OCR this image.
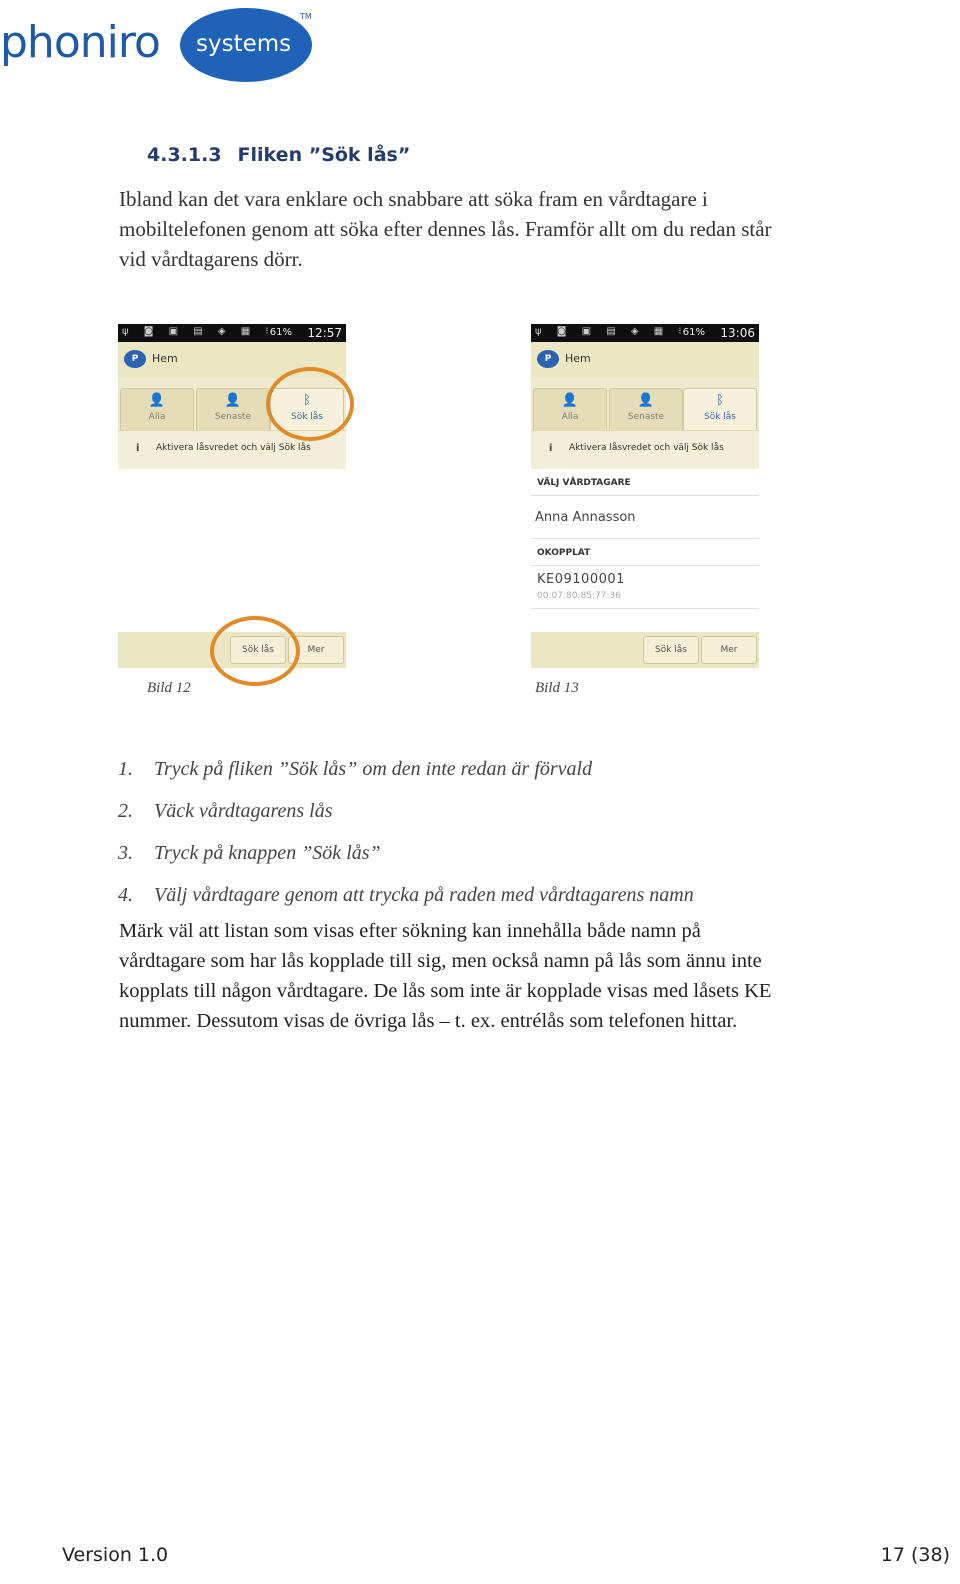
phoniro systems
TM
4.3.1.3 Fliken ”Sök lås”
Ibland kan det vara enklare och snabbare att söka fram en vårdtagare i
mobiltelefonen genom att söka efter dennes lås. Framför allt om du redan står
vid vårdtagarens dörr.
ψ ◙ ▣ ▤ ◈ ▦ ⁝
61% 12:57
P	Hem
👤
Alla
👤
Senaste
ᛒ
Sök lås
i Aktivera låsvredet och välj Sök lås
Sök lås	Mer
Bild 12
ψ ◙ ▣ ▤ ◈ ▦ ⁝
61% 13:06
P	Hem
👤
Alla
👤
Senaste
ᛒ
Sök lås
i Aktivera låsvredet och välj Sök lås
VÄLJ VÅRDTAGARE
Anna Annasson
OKOPPLAT
KE09100001
00:07:80:85:77:36
Sök lås	Mer
Bild 13
1. Tryck på fliken ”Sök lås” om den inte redan är förvald
2. Väck vårdtagarens lås
3. Tryck på knappen ”Sök lås”
4. Välj vårdtagare genom att trycka på raden med vårdtagarens namn
Märk väl att listan som visas efter sökning kan innehålla både namn på
vårdtagare som har lås kopplade till sig, men också namn på lås som ännu inte
kopplats till någon vårdtagare. De lås som inte är kopplade visas med låsets KE
nummer. Dessutom visas de övriga lås – t. ex. entrélås som telefonen hittar.
Version 1.0	17 (38)
